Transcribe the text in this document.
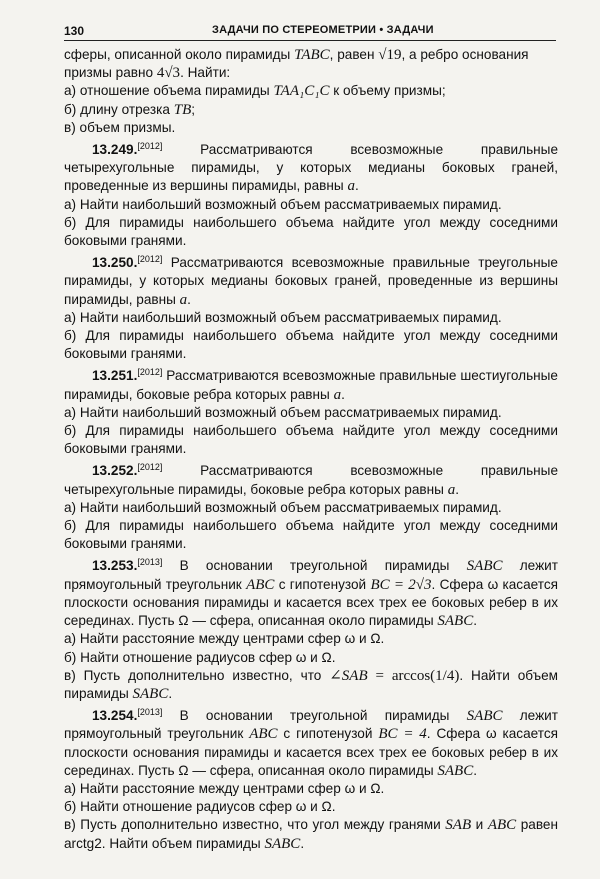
130	ЗАДАЧИ ПО СТЕРЕОМЕТРИИ • ЗАДАЧИ

сферы, описанной около пирамиды TABC, равен √19, а ребро основания

призмы равно 4√3. Найти:

а) отношение объема пирамиды TAA₁C₁C к объему призмы;

б) длину отрезка TB;

в) объем призмы.

13.249.[2012] Рассматриваются всевозможные правильные четырехугольные пирамиды, у которых медианы боковых граней, проведенные из вершины пирамиды, равны a.

а) Найти наибольший возможный объем рассматриваемых пирамид.

б) Для пирамиды наибольшего объема найдите угол между соседними боковыми гранями.

13.250.[2012] Рассматриваются всевозможные правильные треугольные пирамиды, у которых медианы боковых граней, проведенные из вершины пирамиды, равны a.

а) Найти наибольший возможный объем рассматриваемых пирамид.

б) Для пирамиды наибольшего объема найдите угол между соседними боковыми гранями.

13.251.[2012] Рассматриваются всевозможные правильные шестиугольные пирамиды, боковые ребра которых равны a.

а) Найти наибольший возможный объем рассматриваемых пирамид.

б) Для пирамиды наибольшего объема найдите угол между соседними боковыми гранями.

13.252.[2012] Рассматриваются всевозможные правильные четырехугольные пирамиды, боковые ребра которых равны a.

а) Найти наибольший возможный объем рассматриваемых пирамид.

б) Для пирамиды наибольшего объема найдите угол между соседними боковыми гранями.

13.253.[2013] В основании треугольной пирамиды SABC лежит прямоугольный треугольник ABC с гипотенузой BC = 2√3. Сфера ω касается плоскости основания пирамиды и касается всех трех ее боковых ребер в их серединах. Пусть Ω — сфера, описанная около пирамиды SABC.

а) Найти расстояние между центрами сфер ω и Ω.

б) Найти отношение радиусов сфер ω и Ω.

в) Пусть дополнительно известно, что ∠SAB = arccos(1/4). Найти объем пирамиды SABC.

13.254.[2013] В основании треугольной пирамиды SABC лежит прямоугольный треугольник ABC с гипотенузой BC = 4. Сфера ω касается плоскости основания пирамиды и касается всех трех ее боковых ребер в их серединах. Пусть Ω — сфера, описанная около пирамиды SABC.

а) Найти расстояние между центрами сфер ω и Ω.

б) Найти отношение радиусов сфер ω и Ω.

в) Пусть дополнительно известно, что угол между гранями SAB и ABC равен arctg2. Найти объем пирамиды SABC.
